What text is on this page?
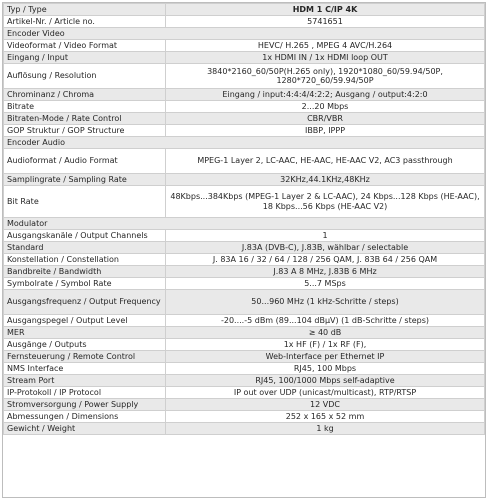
Typ / Type	HDM 1 C/IP 4K
Artikel-Nr. / Article no.	5741651
Encoder Video	
Videoformat / Video Format	HEVC/ H.265 , MPEG 4 AVC/H.264
Eingang / Input	1x HDMI IN / 1x HDMI loop OUT
Auflösung / Resolution	3840*2160_60/50P(H.265 only), 1920*1080_60/59.94/50P, 1280*720_60/59.94/50P
Chrominanz / Chroma	Eingang / input:4:4:4/4:2:2; Ausgang / output:4:2:0
Bitrate	2...20 Mbps
Bitraten-Mode / Rate Control	CBR/VBR
GOP Struktur / GOP Structure	IBBP, IPPP
Encoder Audio	
Audioformat / Audio Format	MPEG-1 Layer 2, LC-AAC, HE-AAC, HE-AAC V2, AC3 passthrough
Samplingrate / Sampling Rate	32KHz,44.1KHz,48KHz
Bit Rate	48Kbps...384Kbps (MPEG-1 Layer 2 & LC-AAC), 24 Kbps...128 Kbps (HE-AAC), 18 Kbps...56 Kbps (HE-AAC V2)
Modulator	
Ausgangskanäle / Output Channels	1
Standard	J.83A (DVB-C), J.83B, wählbar / selectable
Konstellation / Constellation	J. 83A 16 / 32 / 64 / 128 / 256 QAM, J. 83B 64 / 256 QAM
Bandbreite / Bandwidth	J.83 A 8 MHz, J.83B 6 MHz
Symbolrate / Symbol Rate	5...7 MSps
Ausgangsfrequenz / Output Frequency	50...960 MHz (1 kHz-Schritte / steps)
Ausgangspegel / Output Level	-20....-5 dBm (89...104 dBµV) (1 dB-Schritte / steps)
MER	≥ 40 dB
Ausgänge / Outputs	1x HF (F) / 1x RF (F),
Fernsteuerung / Remote Control	Web-Interface per Ethernet IP
NMS Interface	RJ45, 100 Mbps
Stream Port	RJ45, 100/1000 Mbps self-adaptive
IP-Protokoll / IP Protocol	IP out over UDP (unicast/multicast), RTP/RTSP
Stromversorgung / Power Supply	12 VDC
Abmessungen / Dimensions	252 x 165 x 52 mm
Gewicht / Weight	1 kg
